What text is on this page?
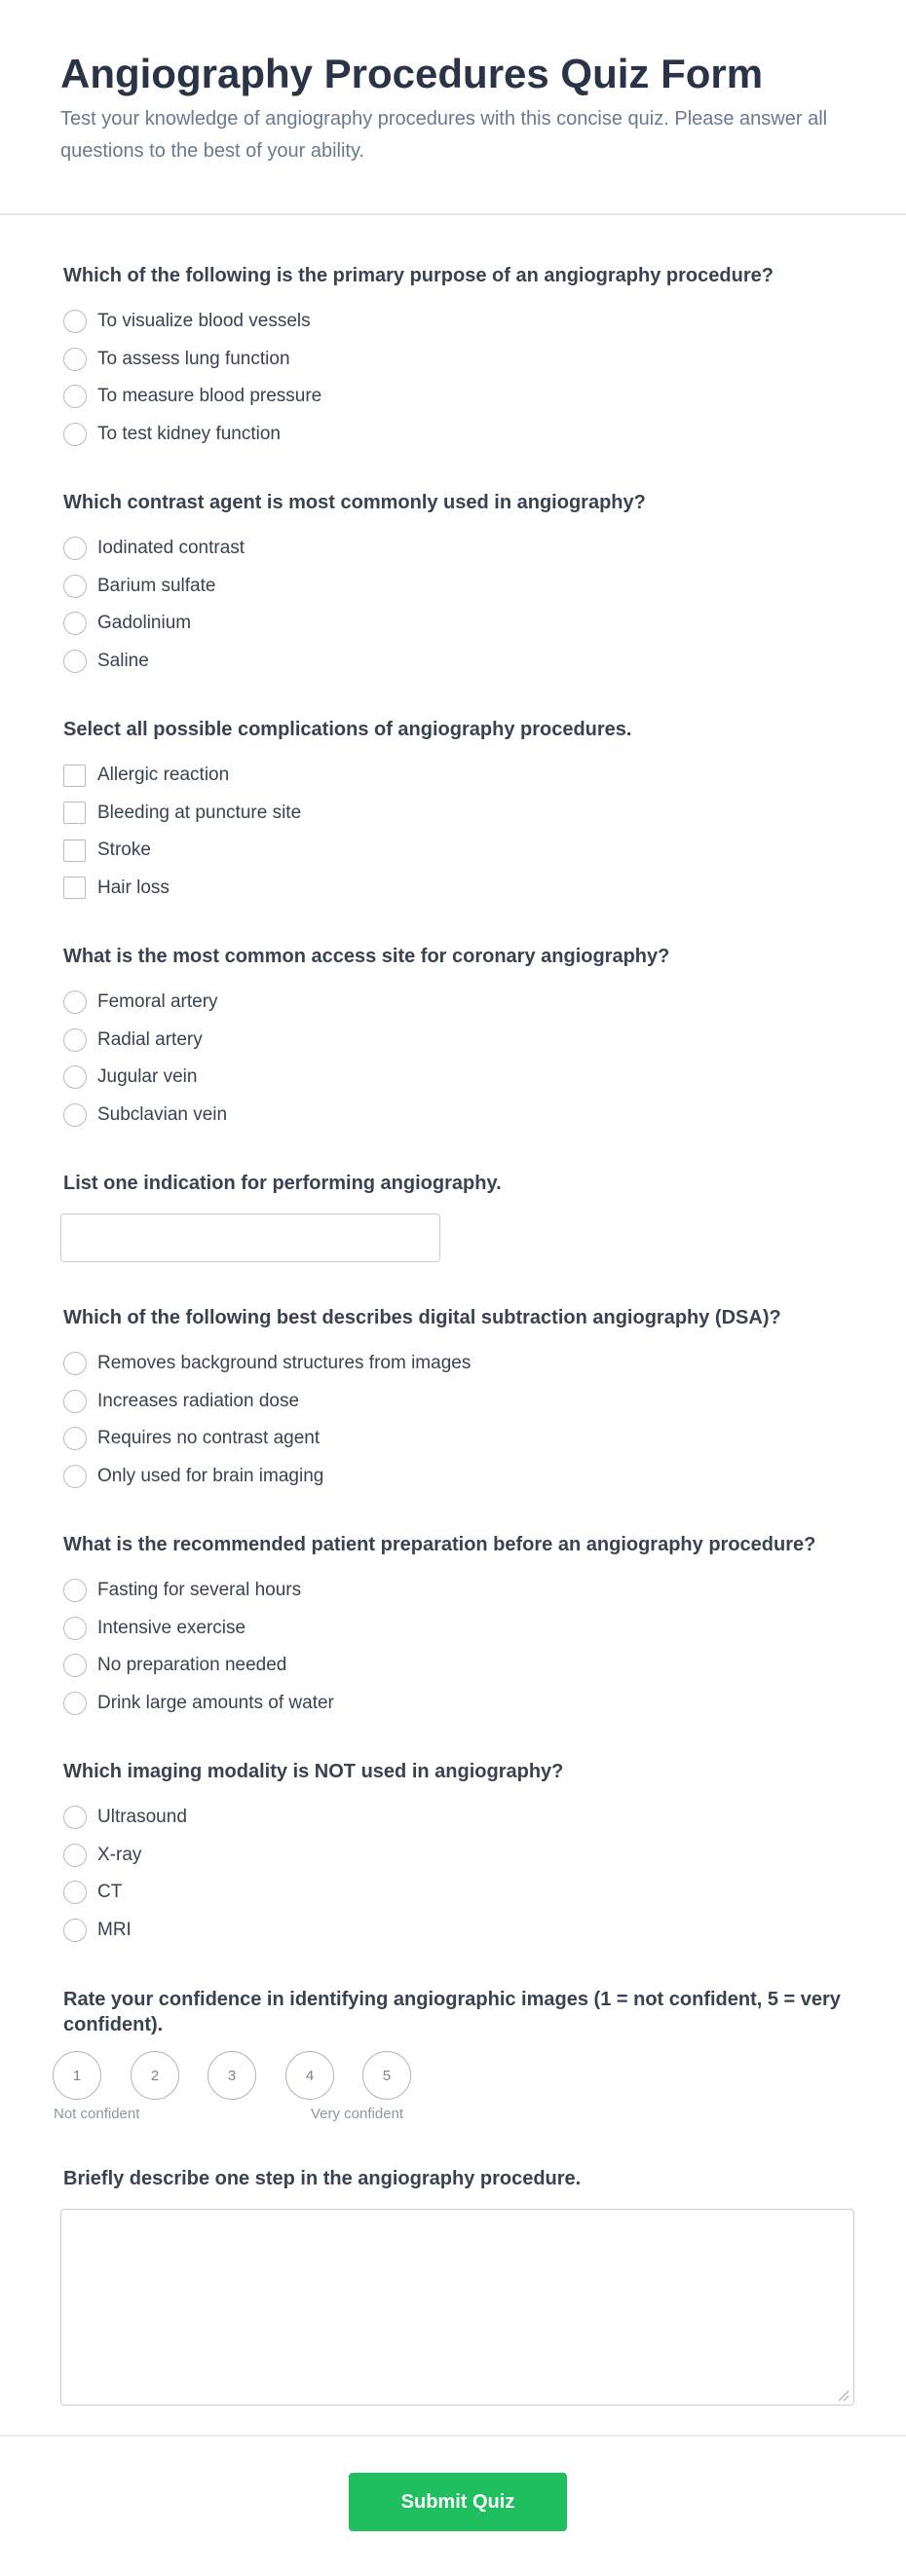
Angiography Procedures Quiz Form

Test your knowledge of angiography procedures with this concise quiz. Please answer all questions to the best of your ability.

Which of the following is the primary purpose of an angiography procedure?
To visualize blood vessels
To assess lung function
To measure blood pressure
To test kidney function
Which contrast agent is most commonly used in angiography?
Iodinated contrast
Barium sulfate
Gadolinium
Saline
Select all possible complications of angiography procedures.
Allergic reaction
Bleeding at puncture site
Stroke
Hair loss
What is the most common access site for coronary angiography?
Femoral artery
Radial artery
Jugular vein
Subclavian vein
List one indication for performing angiography.
Which of the following best describes digital subtraction angiography (DSA)?
Removes background structures from images
Increases radiation dose
Requires no contrast agent
Only used for brain imaging
What is the recommended patient preparation before an angiography procedure?
Fasting for several hours
Intensive exercise
No preparation needed
Drink large amounts of water
Which imaging modality is NOT used in angiography?
Ultrasound
X-ray
CT
MRI
Rate your confidence in identifying angiographic images (1 = not confident, 5 = very confident).
1	2	3	4	5
Not confident	Very confident
Briefly describe one step in the angiography procedure.
Submit Quiz
